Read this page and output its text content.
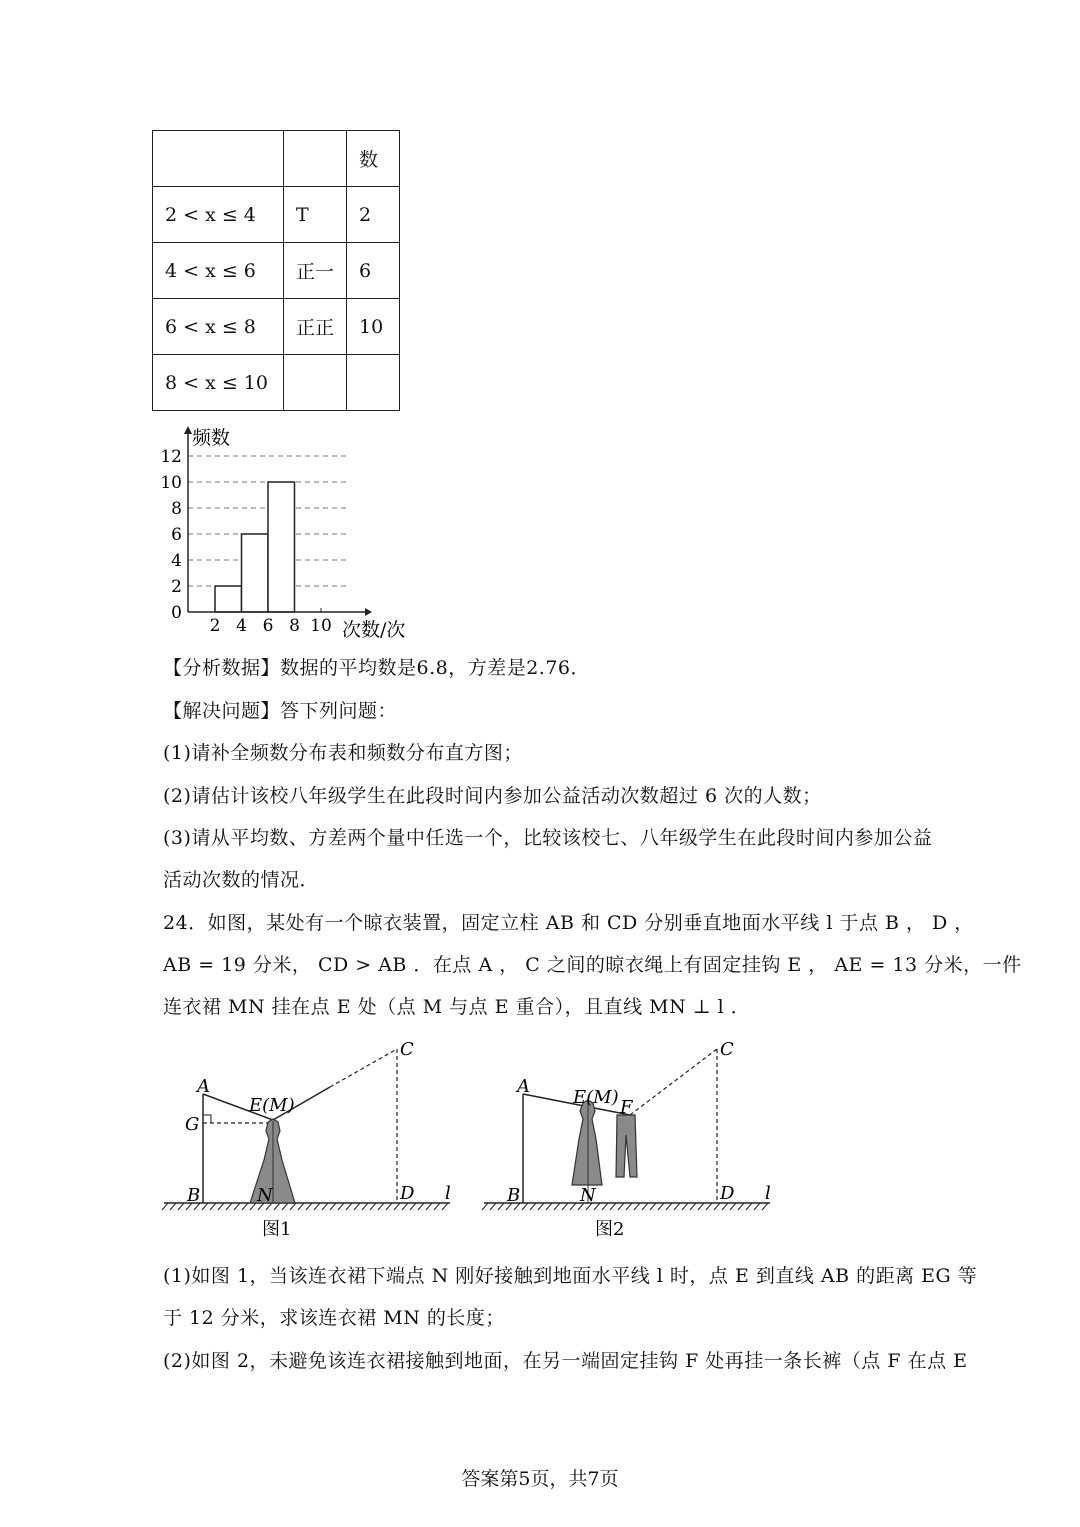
		数
2 < x ≤ 4	T	2
4 < x ≤ 6	正一	6
6 < x ≤ 8	正正	10
8 < x ≤ 10		
0
2
4
6
8
10
12
2 4 6 8 10
频数
次数/次
【分析数据】数据的平均数是6.8，方差是2.76．
【解决问题】答下列问题：
(1)请补全频数分布表和频数分布直方图；
(2)请估计该校八年级学生在此段时间内参加公益活动次数超过 6 次的人数；
(3)请从平均数、方差两个量中任选一个，比较该校七、八年级学生在此段时间内参加公益
活动次数的情况．
24．如图，某处有一个晾衣装置，固定立柱 AB 和 CD 分别垂直地面水平线 l 于点 B ， D ，
AB = 19 分米， CD > AB ．在点 A ， C 之间的晾衣绳上有固定挂钩 E ， AE = 13 分米，一件
连衣裙 MN 挂在点 E 处（点 M 与点 E 重合），且直线 MN ⊥ l ．
A
G
B	N	D l
C
E(M)
图1
A
B	N	D l
C
E(M) F
图2
(1)如图 1，当该连衣裙下端点 N 刚好接触到地面水平线 l 时，点 E 到直线 AB 的距离 EG 等
于 12 分米，求该连衣裙 MN 的长度；
(2)如图 2，未避免该连衣裙接触到地面，在另一端固定挂钩 F 处再挂一条长裤（点 F 在点 E
答案第5页，共7页
